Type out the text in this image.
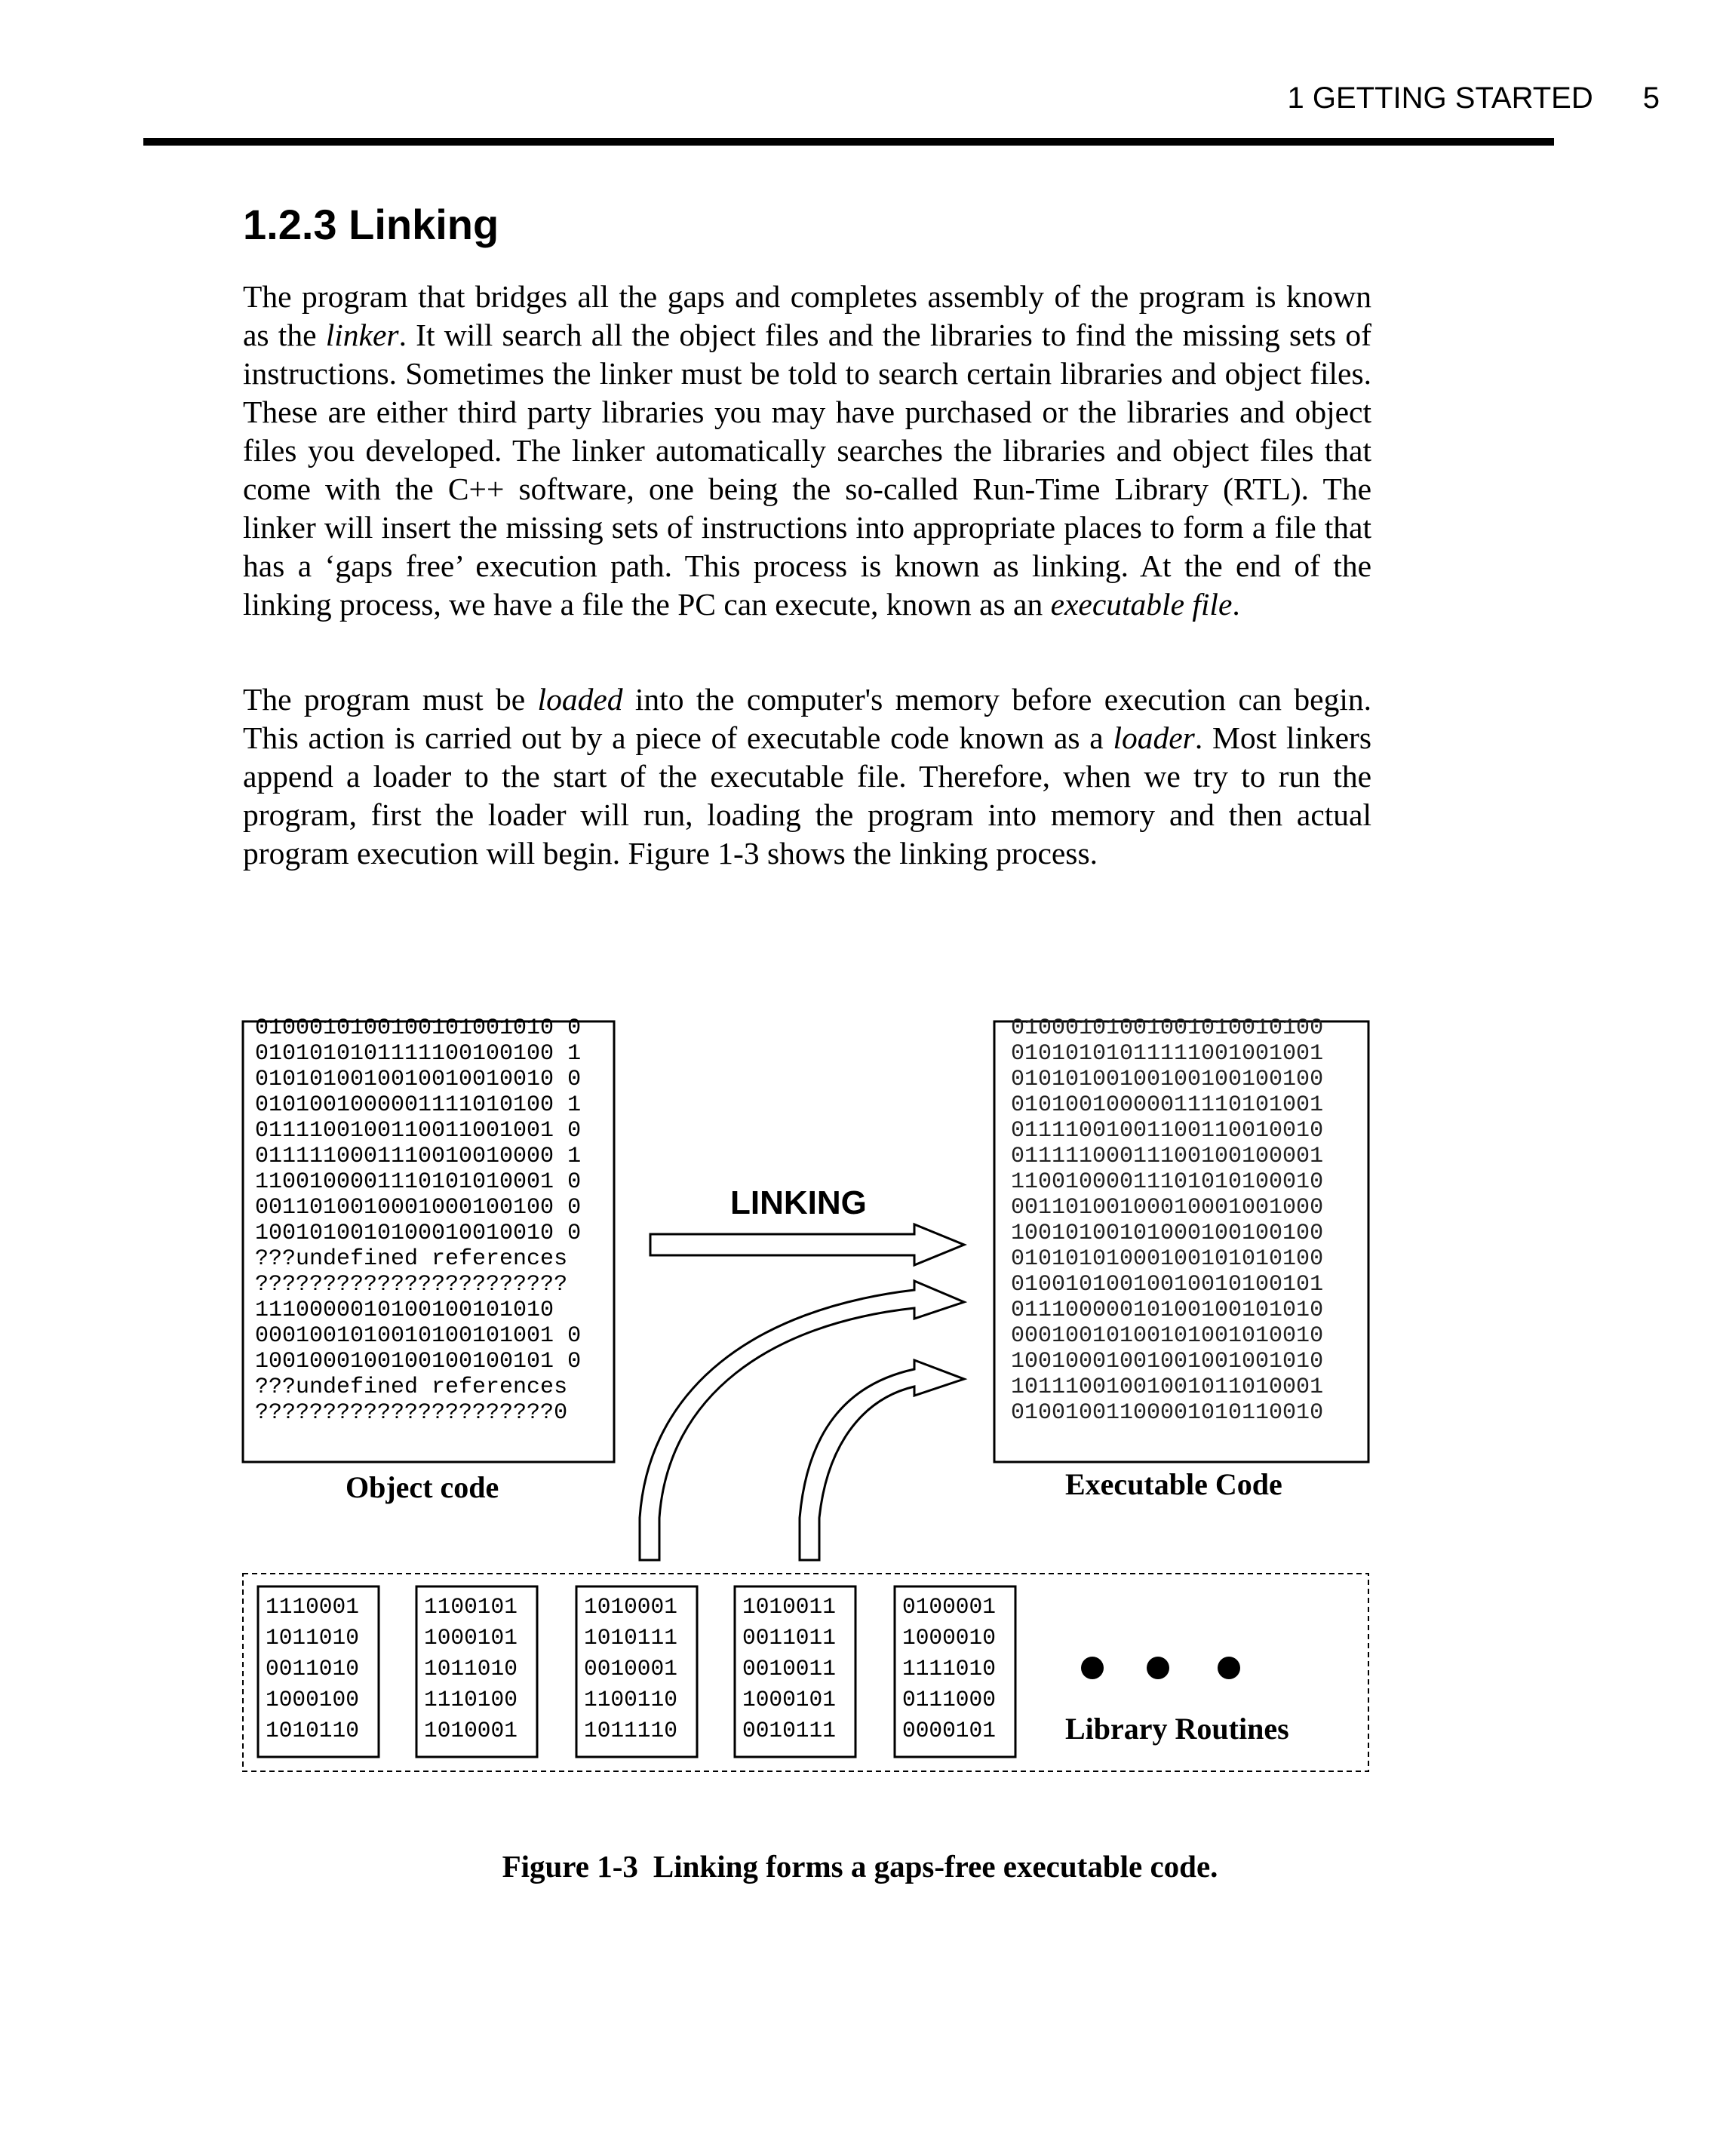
1 GETTING STARTED 5
1.2.3 Linking

The program that bridges all the gaps and completes assembly of the program is known as the linker. It will search all the object files and the libraries to find the missing sets of instructions. Sometimes the linker must be told to search certain libraries and object files. These are either third party libraries you may have purchased or the libraries and object files you developed. The linker automatically searches the libraries and object files that come with the C++ software, one being the so-called Run-Time Library (RTL). The linker will insert the missing sets of instructions into appropriate places to form a file that has a ‘gaps free’ execution path. This process is known as linking. At the end of the linking process, we have a file the PC can execute, known as an executable file.

The program must be loaded into the computer's memory before execution can begin. This action is carried out by a piece of executable code known as a loader. Most linkers append a loader to the start of the executable file. Therefore, when we try to run the program, first the loader will run, loading the program into memory and then actual program execution will begin. Figure 1-3 shows the linking process.

0100010100100101001010 0
0101010101111100100100 1
0101010010010010010010 0
0101001000001111010100 1
0111100100110011001001 0
0111110001110010010000 1
1100100001110101010001 0
0011010010001000100100 0
1001010010100010010010 0
???undefined references
???????????????????????
1110000010100100101010
0001001010010100101001 0
1001000100100100100101 0
???undefined references
??????????????????????0
01000101001001010010100
01010101011111001001001
01010100100100100100100
01010010000011110101001
01111001001100110010010
01111100011100100100001
11001000011101010100010
00110100100010001001000
10010100101000100100100
01010101000100101010100
01001010010010010100101
01110000010100100101010
00010010100101001010010
10010001001001001001010
10111001001001011010001
01001001100001010110010
LINKING
Object code	Executable Code
1110001
1011010
0011010
1000100
1010110
1100101
1000101
1011010
1110100
1010001
1010001
1010111
0010001
1100110
1011110
1010011
0011011
0010011
1000101
0010111
0100001
1000010
1111010
0111000
0000101 Library Routines
Figure 1-3 Linking forms a gaps-free executable code.
